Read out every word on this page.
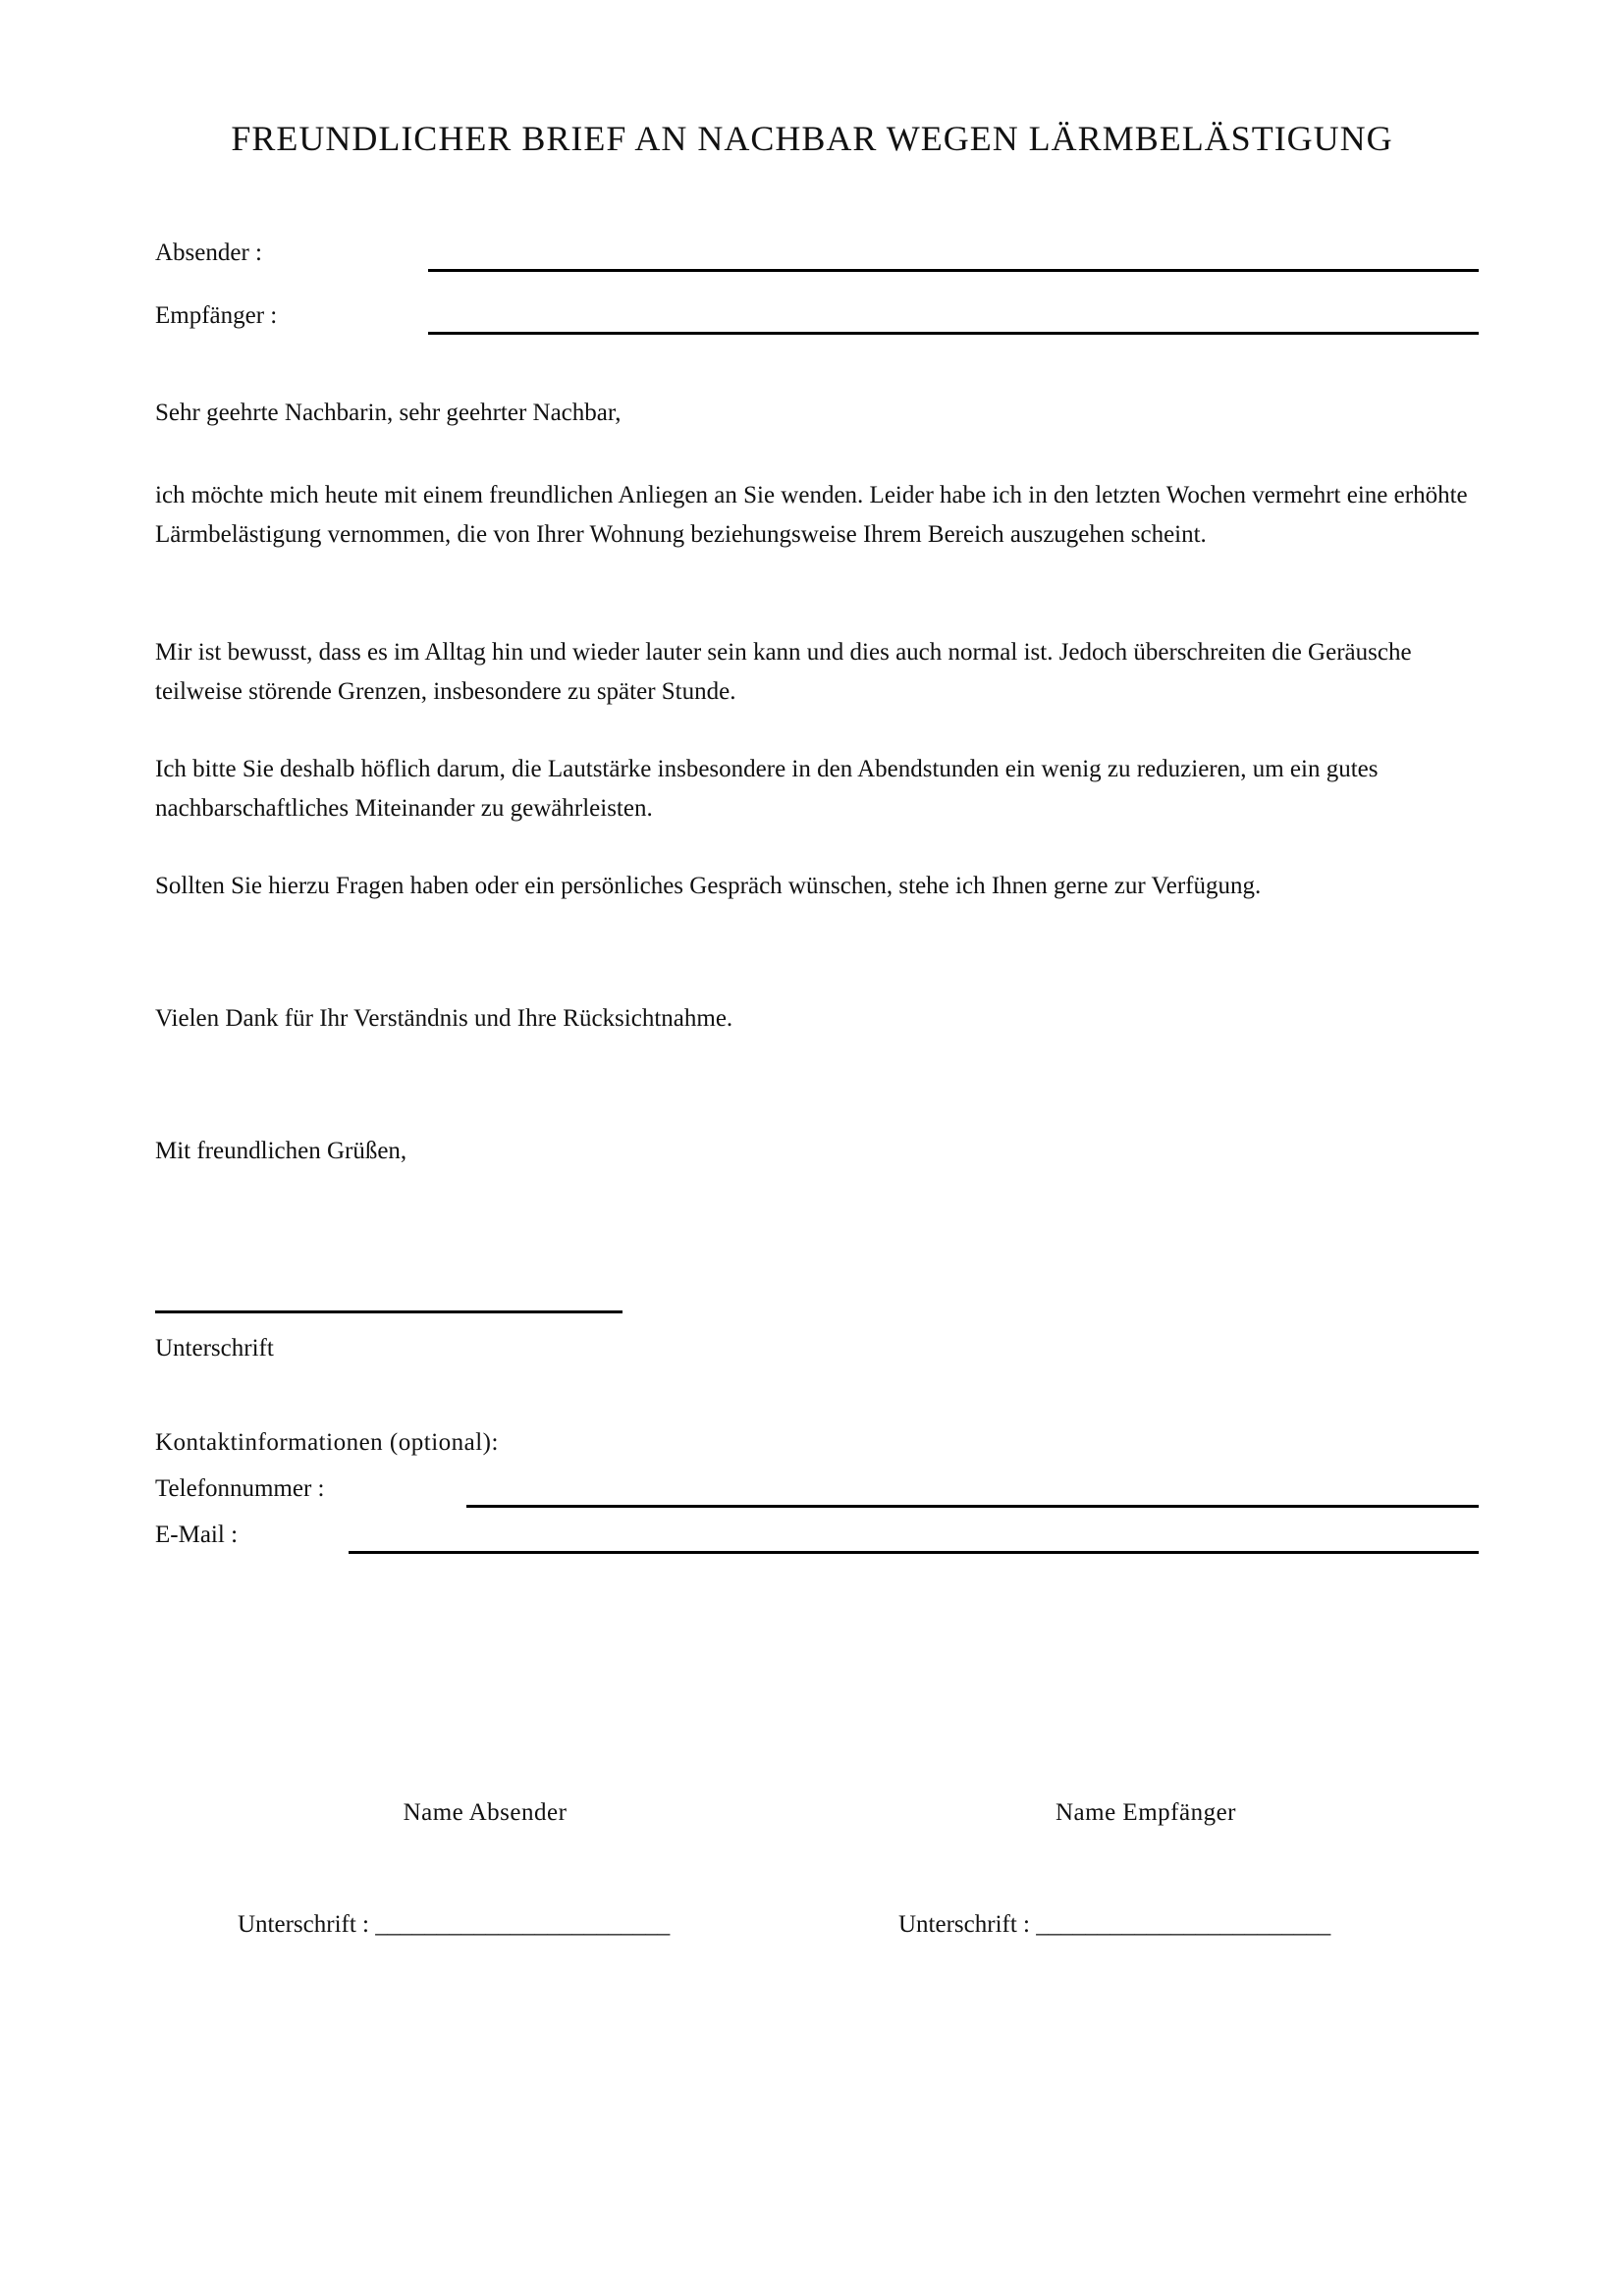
FREUNDLICHER BRIEF AN NACHBAR WEGEN LÄRMBELÄSTIGUNG
Absender :
Empfänger :

Sehr geehrte Nachbarin, sehr geehrter Nachbar,

ich möchte mich heute mit einem freundlichen Anliegen an Sie wenden. Leider habe ich in den letzten Wochen vermehrt eine erhöhte Lärmbelästigung vernommen, die von Ihrer Wohnung beziehungsweise Ihrem Bereich auszugehen scheint.

Mir ist bewusst, dass es im Alltag hin und wieder lauter sein kann und dies auch normal ist. Jedoch überschreiten die Geräusche teilweise störende Grenzen, insbesondere zu später Stunde.

Ich bitte Sie deshalb höflich darum, die Lautstärke insbesondere in den Abendstunden ein wenig zu reduzieren, um ein gutes nachbarschaftliches Miteinander zu gewährleisten.

Sollten Sie hierzu Fragen haben oder ein persönliches Gespräch wünschen, stehe ich Ihnen gerne zur Verfügung.

Vielen Dank für Ihr Verständnis und Ihre Rücksichtnahme.

Mit freundlichen Grüßen,

Unterschrift
Kontaktinformationen (optional):
Telefonnummer :
E-Mail :
Name Absender	Name Empfänger
Unterschrift : ________________________	Unterschrift : ________________________
